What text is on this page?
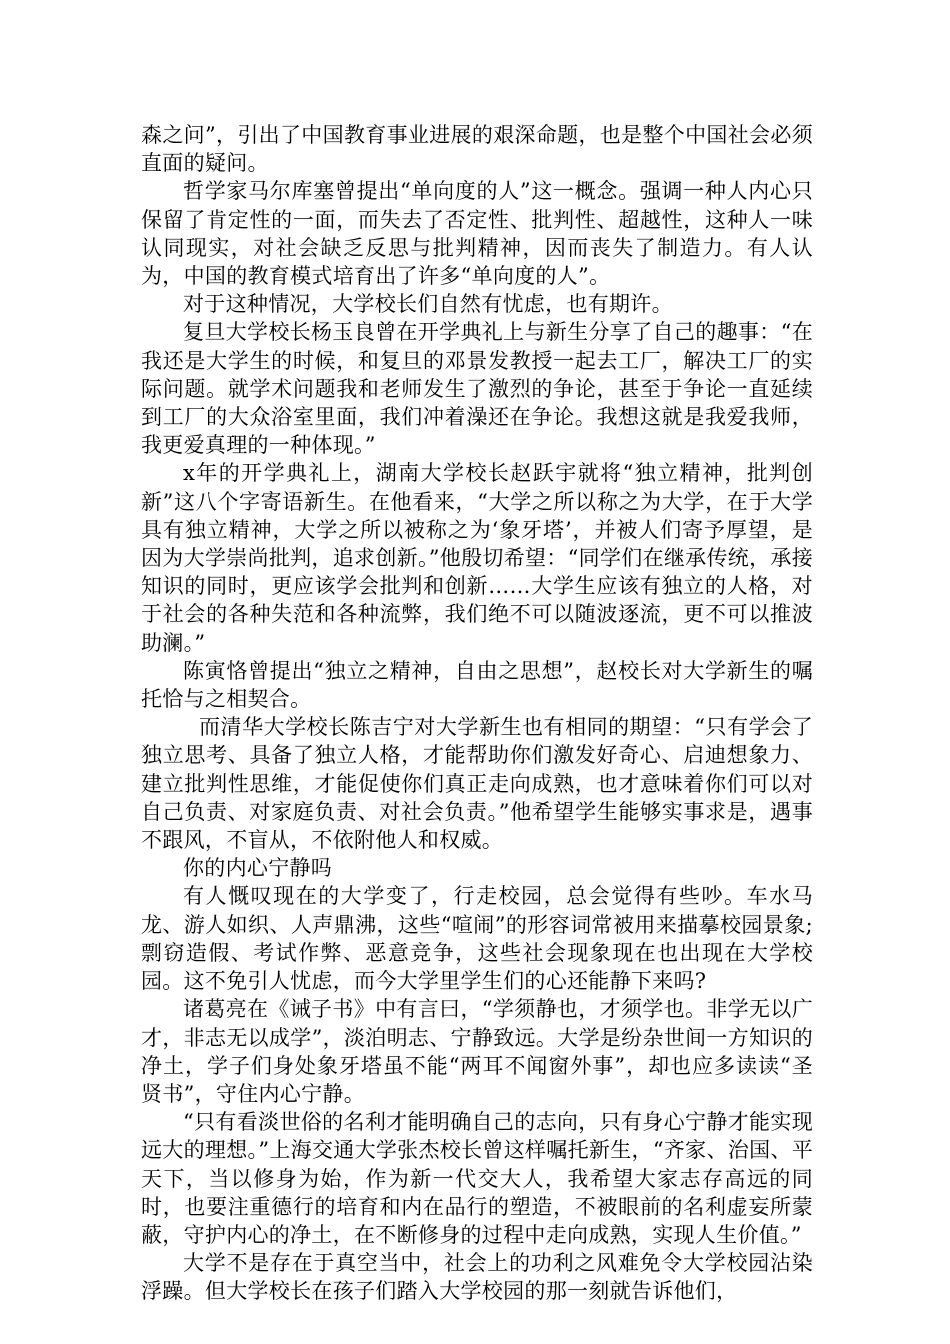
森之问”，引出了中国教育事业进展的艰深命题，也是整个中国社会必须直面的疑问。

哲学家马尔库塞曾提出“单向度的人”这一概念。强调一种人内心只保留了肯定性的一面，而失去了否定性、批判性、超越性，这种人一味认同现实，对社会缺乏反思与批判精神，因而丧失了制造力。有人认为，中国的教育模式培育出了许多“单向度的人”。

对于这种情况，大学校长们自然有忧虑，也有期许。

复旦大学校长杨玉良曾在开学典礼上与新生分享了自己的趣事：“在我还是大学生的时候，和复旦的邓景发教授一起去工厂，解决工厂的实际问题。就学术问题我和老师发生了激烈的争论，甚至于争论一直延续到工厂的大众浴室里面，我们冲着澡还在争论。我想这就是我爱我师，我更爱真理的一种体现。”

x年的开学典礼上，湖南大学校长赵跃宇就将“独立精神，批判创新”这八个字寄语新生。在他看来，“大学之所以称之为大学，在于大学具有独立精神，大学之所以被称之为‘象牙塔’，并被人们寄予厚望，是因为大学崇尚批判，追求创新。”他殷切希望：“同学们在继承传统，承接知识的同时，更应该学会批判和创新……大学生应该有独立的人格，对于社会的各种失范和各种流弊，我们绝不可以随波逐流，更不可以推波助澜。”

陈寅恪曾提出“独立之精神，自由之思想”，赵校长对大学新生的嘱托恰与之相契合。

而清华大学校长陈吉宁对大学新生也有相同的期望：“只有学会了独立思考、具备了独立人格，才能帮助你们激发好奇心、启迪想象力、建立批判性思维，才能促使你们真正走向成熟，也才意味着你们可以对自己负责、对家庭负责、对社会负责。”他希望学生能够实事求是，遇事不跟风，不盲从，不依附他人和权威。

你的内心宁静吗

有人慨叹现在的大学变了，行走校园，总会觉得有些吵。车水马龙、游人如织、人声鼎沸，这些“喧闹”的形容词常被用来描摹校园景象;剽窃造假、考试作弊、恶意竞争，这些社会现象现在也出现在大学校园。这不免引人忧虑，而今大学里学生们的心还能静下来吗?

诸葛亮在《诫子书》中有言曰，“学须静也，才须学也。非学无以广才，非志无以成学”，淡泊明志、宁静致远。大学是纷杂世间一方知识的净土，学子们身处象牙塔虽不能“两耳不闻窗外事”，却也应多读读“圣贤书”，守住内心宁静。

“只有看淡世俗的名利才能明确自己的志向，只有身心宁静才能实现远大的理想。”上海交通大学张杰校长曾这样嘱托新生，“齐家、治国、平天下，当以修身为始，作为新一代交大人，我希望大家志存高远的同时，也要注重德行的培育和内在品行的塑造，不被眼前的名利虚妄所蒙蔽，守护内心的净土，在不断修身的过程中走向成熟，实现人生价值。”

大学不是存在于真空当中，社会上的功利之风难免令大学校园沾染浮躁。但大学校长在孩子们踏入大学校园的那一刻就告诉他们，
